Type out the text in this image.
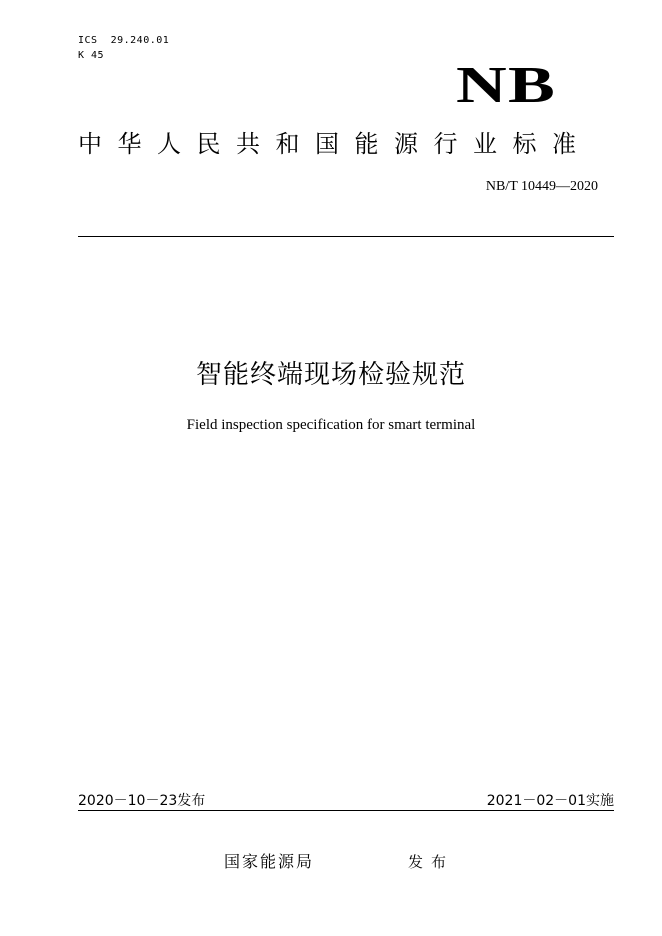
ICS  29.240.01
K 45
NB
中华人民共和国能源行业标准
NB/T 10449—2020
智能终端现场检验规范
Field inspection specification for smart terminal
2020－10－23发布	2021－02－01实施
国家能源局	发布
